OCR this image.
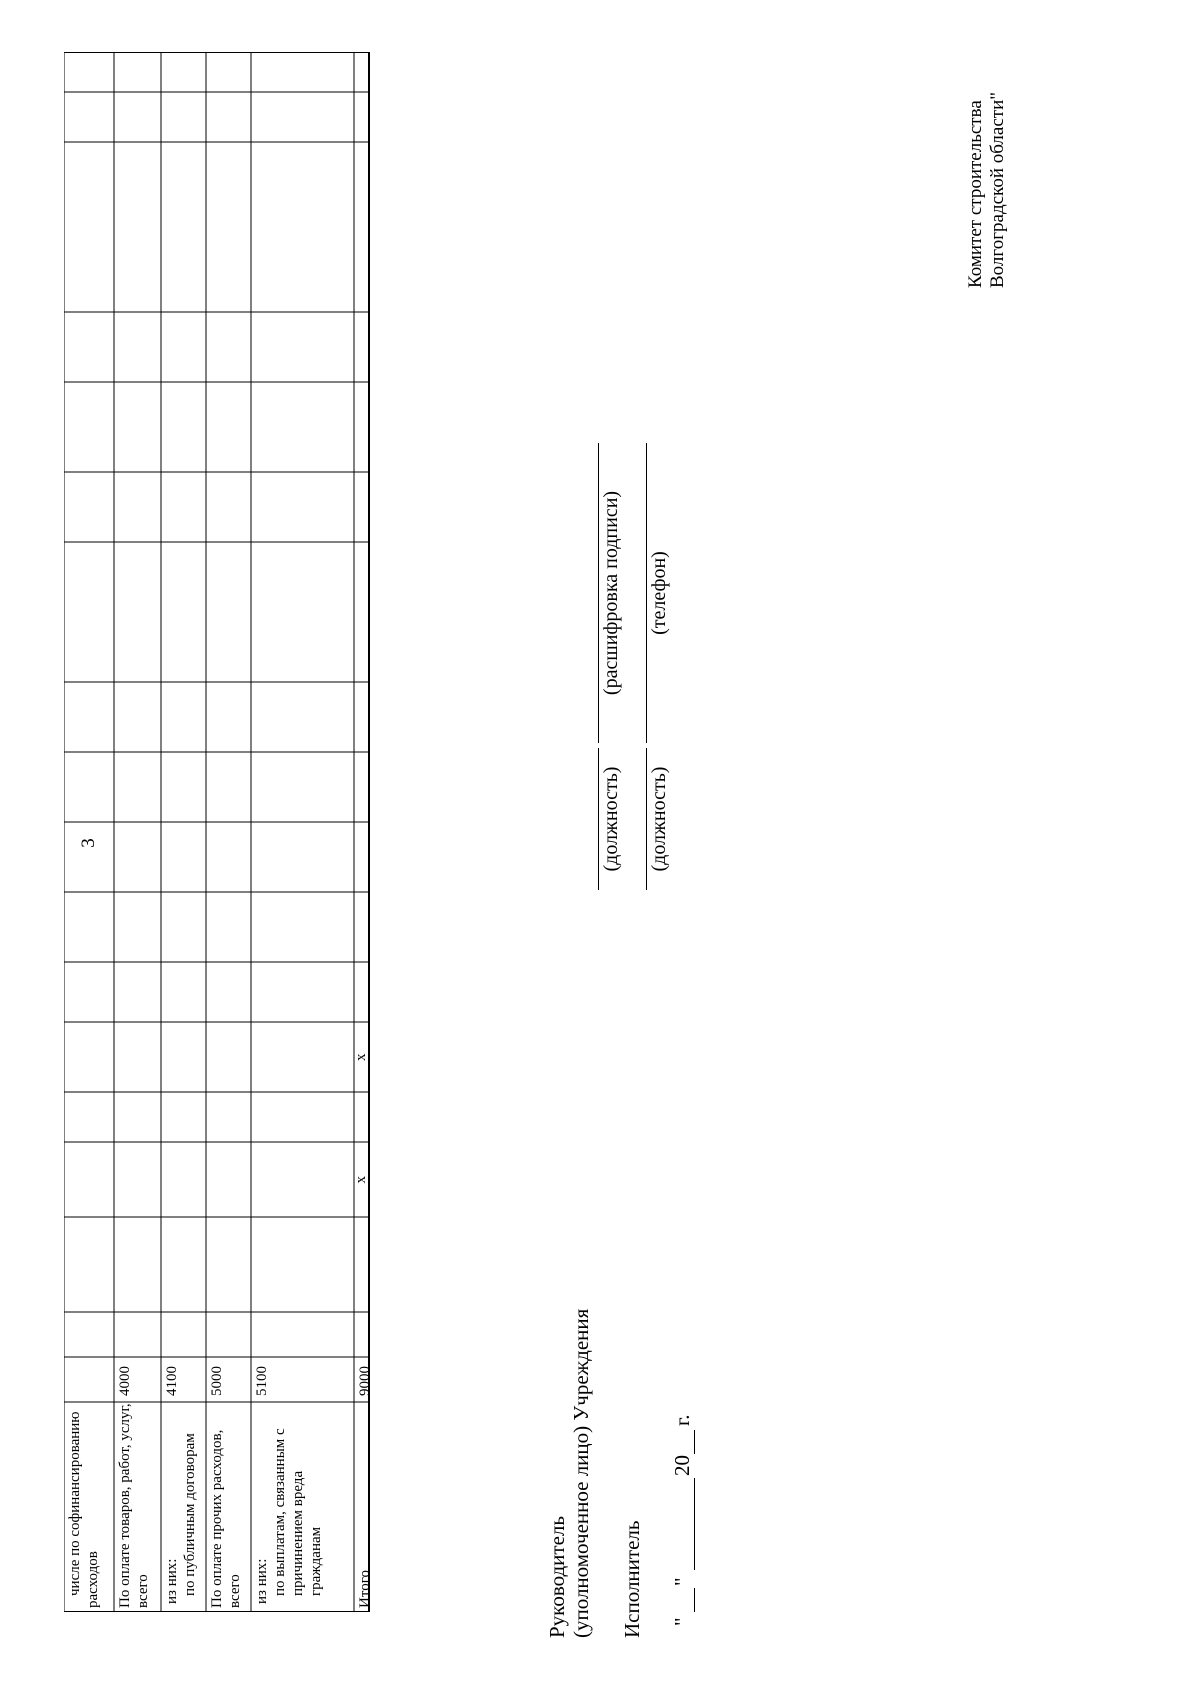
3
числе по софинансированию расходов По оплате товаров, работ, услуг, всего
4000
из них: по публичным договорам
4100
По оплате прочих расходов, всего
5000
из них: по выплатам, связанным с причинением вреда гражданам
5100
Итого
9000
x
x
Руководитель (уполномоченное лицо) Учреждения Исполнитель "
"
20
г.
(должность)
(расшифровка подписи)
(должность)
(телефон)
Комитет строительства Волгоградской области"
